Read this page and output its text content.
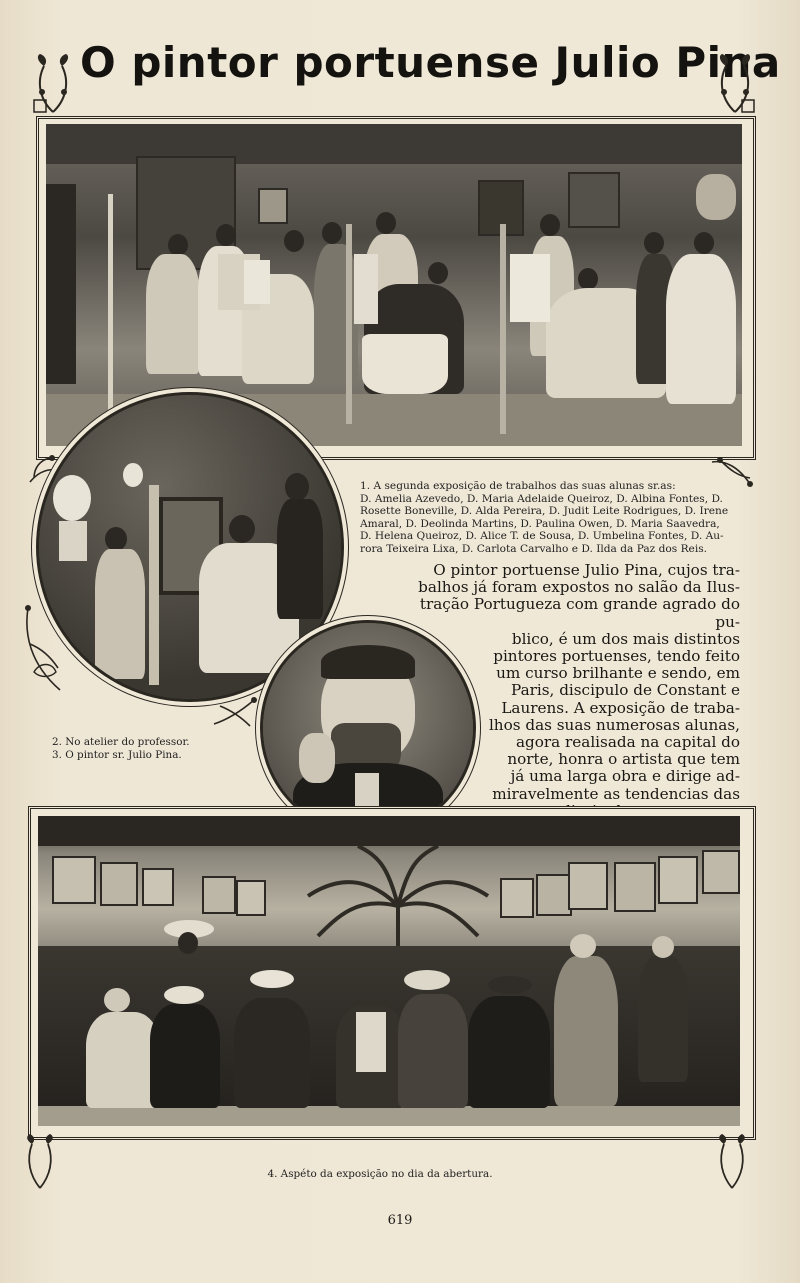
O pintor portuense Julio Pina
1. A segunda exposição de trabalhos das suas alunas sr.as:
D. Amelia Azevedo, D. Maria Adelaide Queiroz, D. Albina Fontes, D.
Rosette Boneville, D. Alda Pereira, D. Judit Leite Rodrigues, D. Irene
Amaral, D. Deolinda Martins, D. Paulina Owen, D. Maria Saavedra,
D. Helena Queiroz, D. Alice T. de Sousa, D. Umbelina Fontes, D. Au-
rora Teixeira Lixa, D. Carlota Carvalho e D. Ilda da Paz dos Reis.
O pintor portuense Julio Pina, cujos tra-
balhos já foram expostos no salão da Ilus-
tração Portugueza com grande agrado do pu-
blico, é um dos mais distintos
pintores portuenses, tendo feito
um curso brilhante e sendo, em
Paris, discipulo de Constant e
Laurens. A exposição de traba-
lhos das suas numerosas alunas,
agora realisada na capital do
norte, honra o artista que tem
já uma larga obra e dirige ad-
miravelmente as tendencias das
2. No atelier do professor.
3. O pintor sr. Julio Pina.
4. Aspéto da exposição no dia da abertura.
619
